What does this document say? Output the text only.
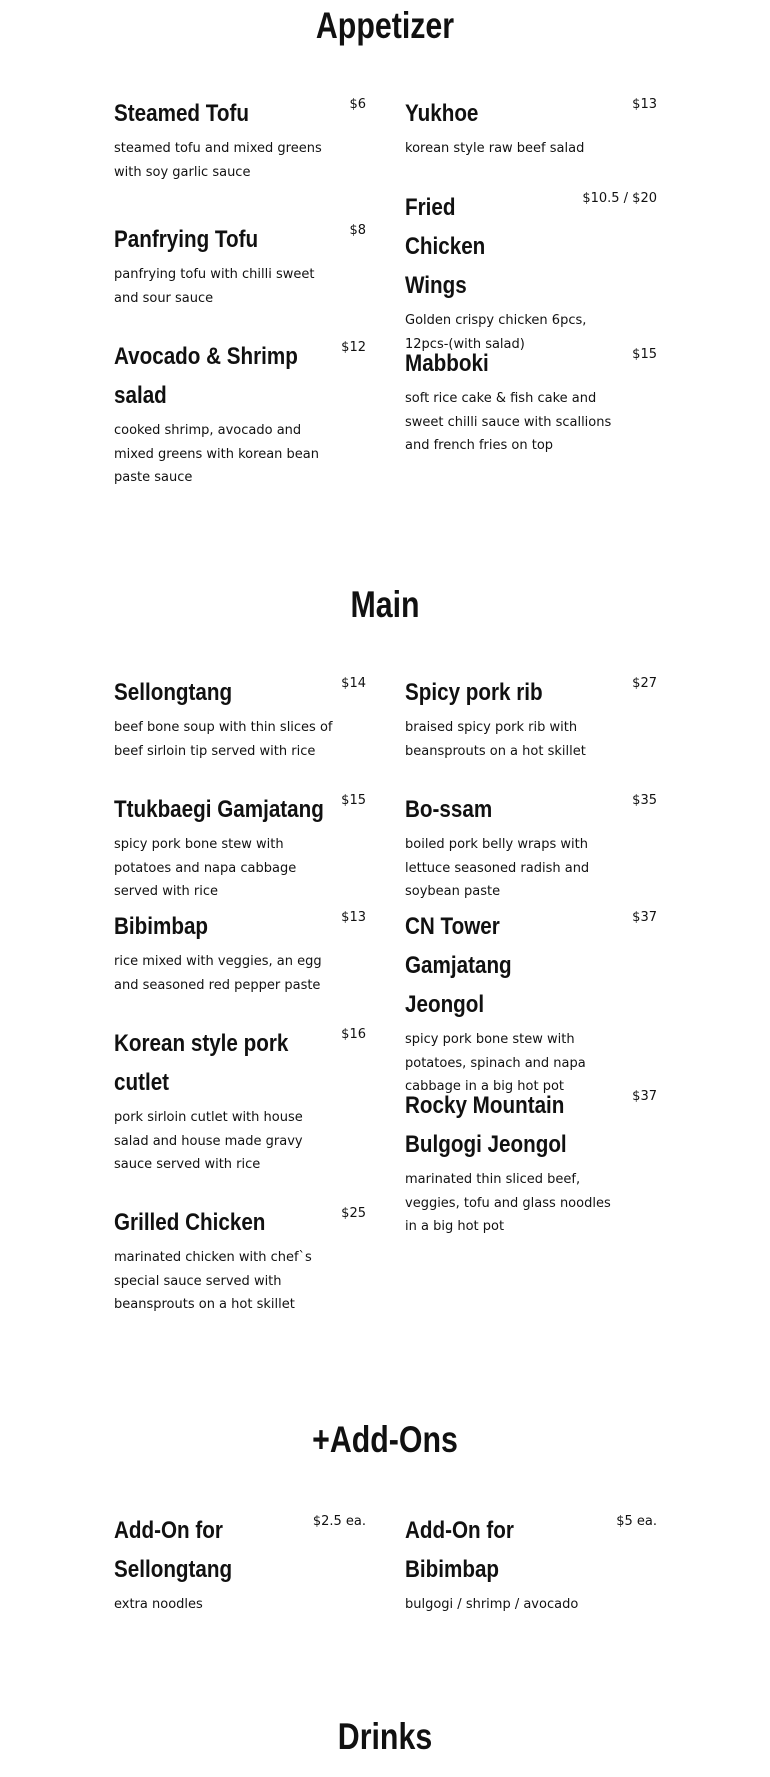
Appetizer
Steamed Tofu	$6
steamed tofu and mixed greens with soy garlic sauce
Panfrying Tofu	$8
panfrying tofu with chilli sweet and sour sauce
Avocado & Shrimp salad
$12
cooked shrimp, avocado and mixed greens with korean bean paste sauce
Yukhoe	$13
korean style raw beef salad
Fried Chicken Wings
$10.5 / $20
Golden crispy chicken 6pcs, 12pcs-(with salad)
Mabboki	$15
soft rice cake & fish cake and sweet chilli sauce with scallions and french fries on top
Main
Sellongtang	$14
beef bone soup with thin slices of beef sirloin tip served with rice
Ttukbaegi Gamjatang $15
spicy pork bone stew with potatoes and napa cabbage served with rice
Bibimbap	$13
rice mixed with veggies, an egg and seasoned red pepper paste
Korean style pork cutlet
$16
pork sirloin cutlet with house salad and house made gravy sauce served with rice
Grilled Chicken	$25
marinated chicken with chef`s special sauce served with beansprouts on a hot skillet
Spicy pork rib	$27
braised spicy pork rib with beansprouts on a hot skillet
Bo-ssam	$35
boiled pork belly wraps with lettuce seasoned radish and soybean paste
CN Tower Gamjatang Jeongol
$37
spicy pork bone stew with potatoes, spinach and napa cabbage in a big hot pot
Rocky Mountain Bulgogi Jeongol
$37
marinated thin sliced beef, veggies, tofu and glass noodles in a big hot pot
+Add-Ons
Add-On for Sellongtang
$2.5 ea.
extra noodles
Add-On for Bibimbap
$5 ea.
bulgogi / shrimp / avocado
Drinks
